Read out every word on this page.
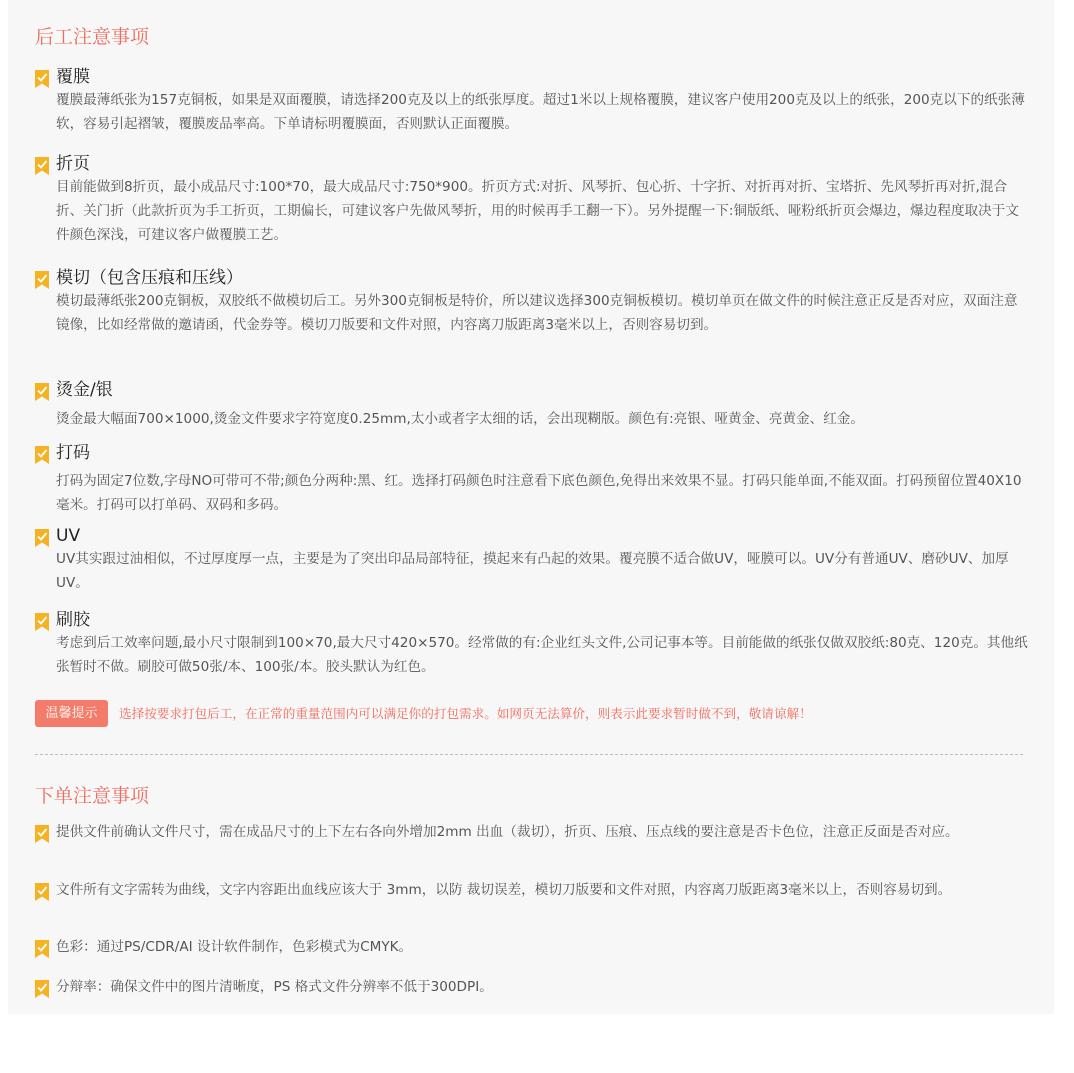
后工注意事项
覆膜

覆膜最薄纸张为157克铜板，如果是双面覆膜，请选择200克及以上的纸张厚度。超过1米以上规格覆膜，建议客户使用200克及以上的纸张，200克以下的纸张薄软，容易引起褶皱，覆膜废品率高。下单请标明覆膜面，否则默认正面覆膜。

折页

目前能做到8折页，最小成品尺寸:100*70，最大成品尺寸:750*900。折页方式:对折、风琴折、包心折、十字折、对折再对折、宝塔折、先风琴折再对折,混合折、关门折（此款折页为手工折页，工期偏长，可建议客户先做风琴折，用的时候再手工翻一下）。另外提醒一下:铜版纸、哑粉纸折页会爆边，爆边程度取决于文件颜色深浅，可建议客户做覆膜工艺。

模切（包含压痕和压线）

模切最薄纸张200克铜板，双胶纸不做模切后工。另外300克铜板是特价，所以建议选择300克铜板模切。模切单页在做文件的时候注意正反是否对应，双面注意镜像，比如经常做的邀请函，代金券等。模切刀版要和文件对照，内容离刀版距离3毫米以上，否则容易切到。

烫金/银

烫金最大幅面700×1000,烫金文件要求字符宽度0.25mm,太小或者字太细的话，会出现糊版。颜色有:亮银、哑黄金、亮黄金、红金。

打码

打码为固定7位数,字母NO可带可不带;颜色分两种:黑、红。选择打码颜色时注意看下底色颜色,免得出来效果不显。打码只能单面,不能双面。打码预留位置40X10毫米。打码可以打单码、双码和多码。

UV

UV其实跟过油相似，不过厚度厚一点，主要是为了突出印品局部特征，摸起来有凸起的效果。覆亮膜不适合做UV，哑膜可以。UV分有普通UV、磨砂UV、加厚UV。

刷胶

考虑到后工效率问题,最小尺寸限制到100×70,最大尺寸420×570。经常做的有:企业红头文件,公司记事本等。目前能做的纸张仅做双胶纸:80克、120克。其他纸张暂时不做。刷胶可做50张/本、100张/本。胶头默认为红色。

温馨提示	选择按要求打包后工，在正常的重量范围内可以满足你的打包需求。如网页无法算价，则表示此要求暂时做不到，敬请谅解！
下单注意事项

提供文件前确认文件尺寸，需在成品尺寸的上下左右各向外增加2mm 出血（裁切），折页、压痕、压点线的要注意是否卡色位，注意正反面是否对应。

文件所有文字需转为曲线，文字内容距出血线应该大于 3mm，以防 裁切误差，模切刀版要和文件对照，内容离刀版距离3毫米以上，否则容易切到。

色彩：通过PS/CDR/AI 设计软件制作，色彩模式为CMYK。

分辩率：确保文件中的图片清晰度，PS 格式文件分辨率不低于300DPI。
